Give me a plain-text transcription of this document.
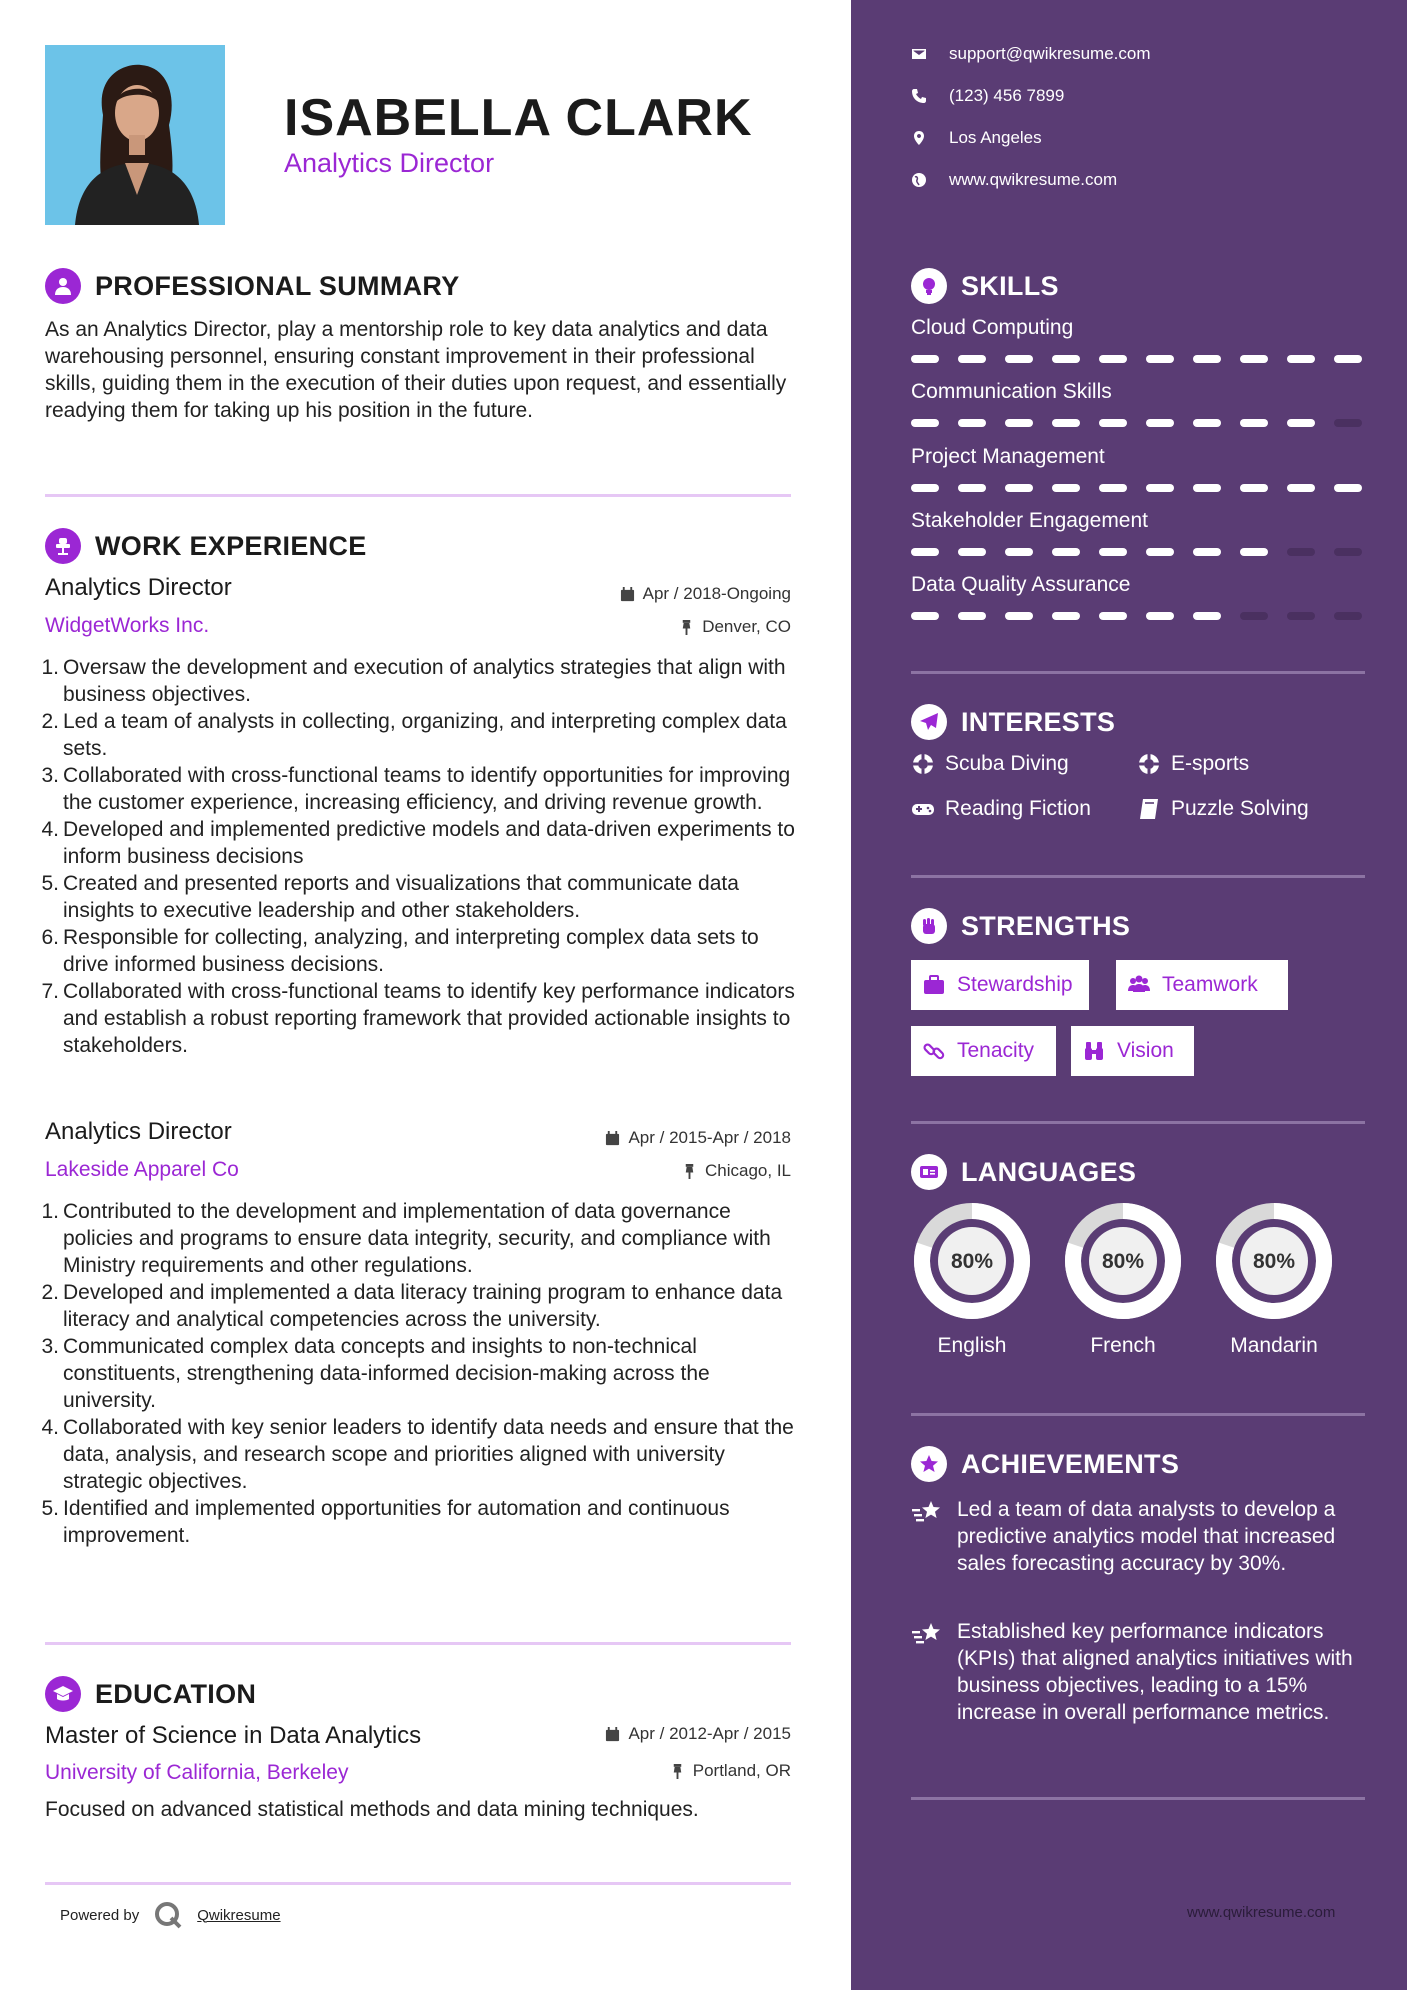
ISABELLA CLARK
Analytics Director
PROFESSIONAL SUMMARY
As an Analytics Director, play a mentorship role to key data analytics and data warehousing personnel, ensuring constant improvement in their professional skills, guiding them in the execution of their duties upon request, and essentially readying them for taking up his position in the future.
WORK EXPERIENCE
Analytics Director	Apr / 2018-Ongoing
WidgetWorks Inc.	Denver, CO
1. Oversaw the development and execution of analytics strategies that align with business objectives.
2. Led a team of analysts in collecting, organizing, and interpreting complex data sets.
3. Collaborated with cross-functional teams to identify opportunities for improving the customer experience, increasing efficiency, and driving revenue growth.
4. Developed and implemented predictive models and data-driven experiments to inform business decisions
5. Created and presented reports and visualizations that communicate data insights to executive leadership and other stakeholders.
6. Responsible for collecting, analyzing, and interpreting complex data sets to drive informed business decisions.
7. Collaborated with cross-functional teams to identify key performance indicators and establish a robust reporting framework that provided actionable insights to stakeholders.
Analytics Director	Apr / 2015-Apr / 2018
Lakeside Apparel Co	Chicago, IL
1. Contributed to the development and implementation of data governance policies and programs to ensure data integrity, security, and compliance with Ministry requirements and other regulations.
2. Developed and implemented a data literacy training program to enhance data literacy and analytical competencies across the university.
3. Communicated complex data concepts and insights to non-technical constituents, strengthening data-informed decision-making across the university.
4. Collaborated with key senior leaders to identify data needs and ensure that the data, analysis, and research scope and priorities aligned with university strategic objectives.
5. Identified and implemented opportunities for automation and continuous improvement.
EDUCATION
Master of Science in Data Analytics	Apr / 2012-Apr / 2015
University of California, Berkeley	Portland, OR
Focused on advanced statistical methods and data mining techniques.
Powered by	Qwikresume
support@qwikresume.com
(123) 456 7899
Los Angeles
www.qwikresume.com
SKILLS
Cloud Computing
Communication Skills
Project Management
Stakeholder Engagement
Data Quality Assurance
INTERESTS
Scuba Diving	E-sports
Reading Fiction	Puzzle Solving
STRENGTHS
Stewardship	Teamwork
Tenacity	Vision
LANGUAGES
80%
English
80%
French
80%
Mandarin
ACHIEVEMENTS
Led a team of data analysts to develop a predictive analytics model that increased sales forecasting accuracy by 30%.
Established key performance indicators (KPIs) that aligned analytics initiatives with business objectives, leading to a 15% increase in overall performance metrics.
www.qwikresume.com
